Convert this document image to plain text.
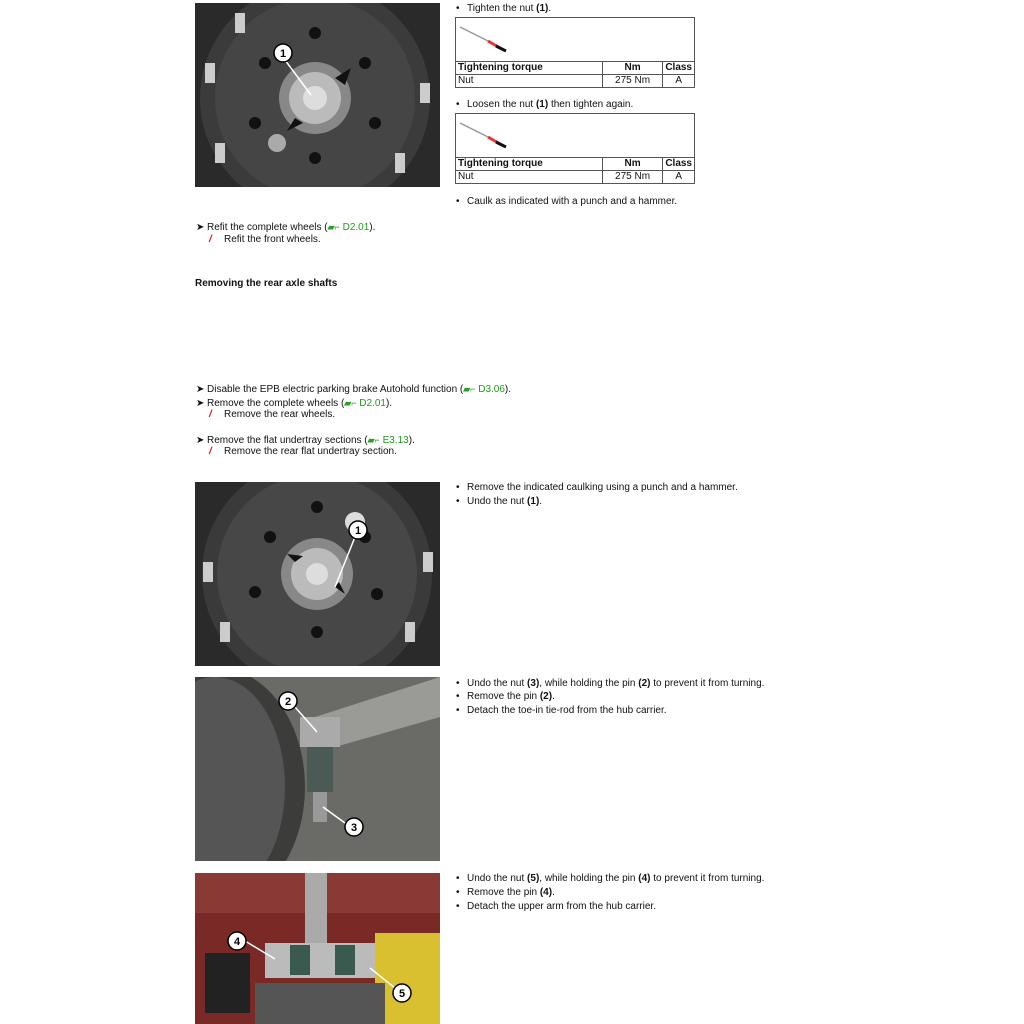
1
• Tighten the nut (1).

Tightening torque	Nm	Class
Nut	275 Nm	A
• Loosen the nut (1) then tighten again.

Tightening torque	Nm	Class
Nut	275 Nm	A
• Caulk as indicated with a punch and a hammer.
➤ Refit the complete wheels (▰⌐ D2.01).
/ Refit the front wheels.
Removing the rear axle shafts
➤ Disable the EPB electric parking brake Autohold function (▰⌐ D3.06).
➤ Remove the complete wheels (▰⌐ D2.01).
/ Remove the rear wheels.
➤ Remove the flat undertray sections (▰⌐ E3.13).
/ Remove the rear flat undertray section.
1
• Remove the indicated caulking using a punch and a hammer.
• Undo the nut (1).
2
3
• Undo the nut (3), while holding the pin (2) to prevent it from turning.
• Remove the pin (2).
• Detach the toe-in tie-rod from the hub carrier.
4
5
• Undo the nut (5), while holding the pin (4) to prevent it from turning.
• Remove the pin (4).
• Detach the upper arm from the hub carrier.
